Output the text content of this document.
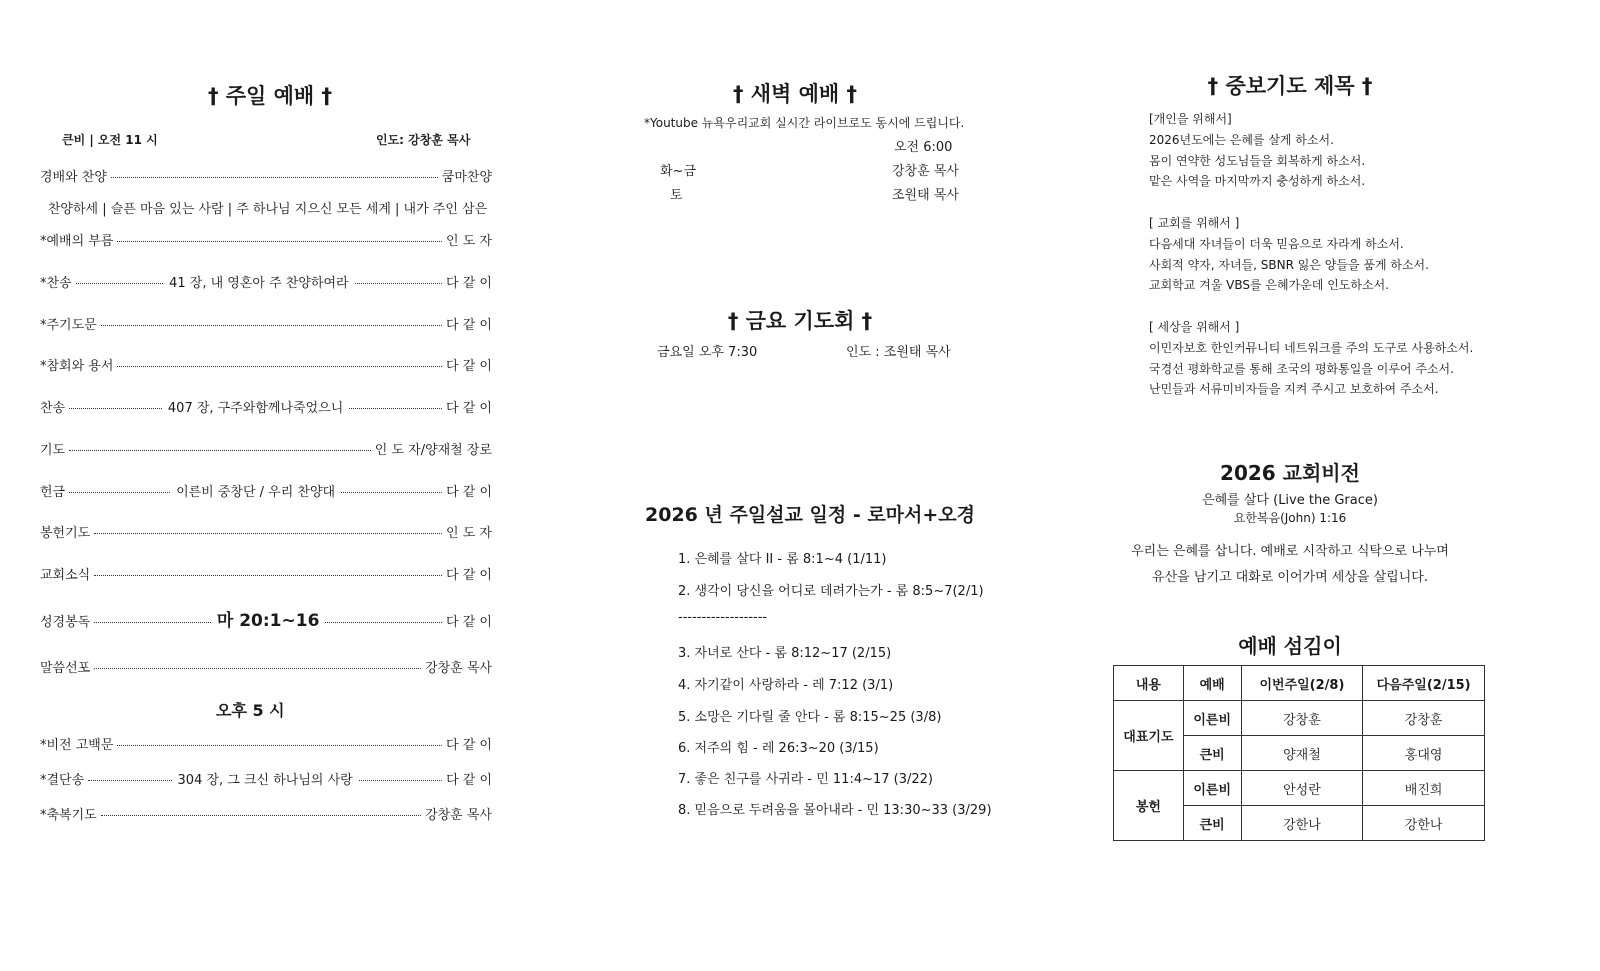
† 주일 예배 †
큰비 | 오전 11 시	인도: 강창훈 목사
경배와 찬양	쿰마찬양
*예배의 부름	인 도 자
*찬송	41 장, 내 영혼아 주 찬양하여라	다 같 이
*주기도문	다 같 이
*참회와 용서	다 같 이
찬송	407 장, 구주와함께나죽었으니	다 같 이
기도	인 도 자/양재철 장로
헌금	이른비 중창단 / 우리 찬양대	다 같 이
봉헌기도	인 도 자
교회소식	다 같 이
성경봉독	마 20:1~16	다 같 이
말씀선포	강창훈 목사
찬양하세 | 슬픈 마음 있는 사람 | 주 하나님 지으신 모든 세계 | 내가 주인 삼은
오후 5 시
*비전 고백문	다 같 이
*결단송	304 장, 그 크신 하나님의 사랑	다 같 이
*축복기도	강창훈 목사
† 새벽 예배 †
*Youtube 뉴욕우리교회 실시간 라이브로도 동시에 드립니다.
오전 6:00
화~금	강창훈 목사
토	조원태 목사
† 금요 기도회 †
금요일 오후 7:30	인도 : 조원태 목사
2026 년 주일설교 일정 - 로마서+오경
1. 은혜를 살다 II - 롬 8:1~4 (1/11)
2. 생각이 당신을 어디로 데려가는가 - 롬 8:5~7(2/1)
-------------------
3. 자녀로 산다 - 롬 8:12~17 (2/15)
4. 자기같이 사랑하라 - 레 7:12 (3/1)
5. 소망은 기다릴 줄 안다 - 롬 8:15~25 (3/8)
6. 저주의 힘 - 레 26:3~20 (3/15)
7. 좋은 친구를 사귀라 - 민 11:4~17 (3/22)
8. 믿음으로 두려움을 몰아내라 - 민 13:30~33 (3/29)
† 중보기도 제목 †
[개인을 위해서]
2026년도에는 은혜를 살게 하소서.
몸이 연약한 성도님들을 회복하게 하소서.
맡은 사역을 마지막까지 충성하게 하소서.
[ 교회를 위해서 ]
다음세대 자녀들이 더욱 믿음으로 자라게 하소서.
사회적 약자, 자녀들, SBNR 잃은 양들을 품게 하소서.
교회학교 겨울 VBS를 은혜가운데 인도하소서.
[ 세상을 위해서 ]
이민자보호 한인커뮤니티 네트워크를 주의 도구로 사용하소서.
국경선 평화학교를 통해 조국의 평화통일을 이루어 주소서.
난민들과 서류미비자들을 지켜 주시고 보호하여 주소서.
2026 교회비전
은혜를 살다 (Live the Grace)
요한복음(John) 1:16
우리는 은혜를 삽니다. 예배로 시작하고 식탁으로 나누며
유산을 남기고 대화로 이어가며 세상을 살립니다.
예배 섬김이
내용	예배	이번주일(2/8)	다음주일(2/15)
대표기도	이른비	강창훈	강창훈
	큰비	양재철	홍대영
봉헌	이른비	안성란	배진희
	큰비	강한나	강한나
